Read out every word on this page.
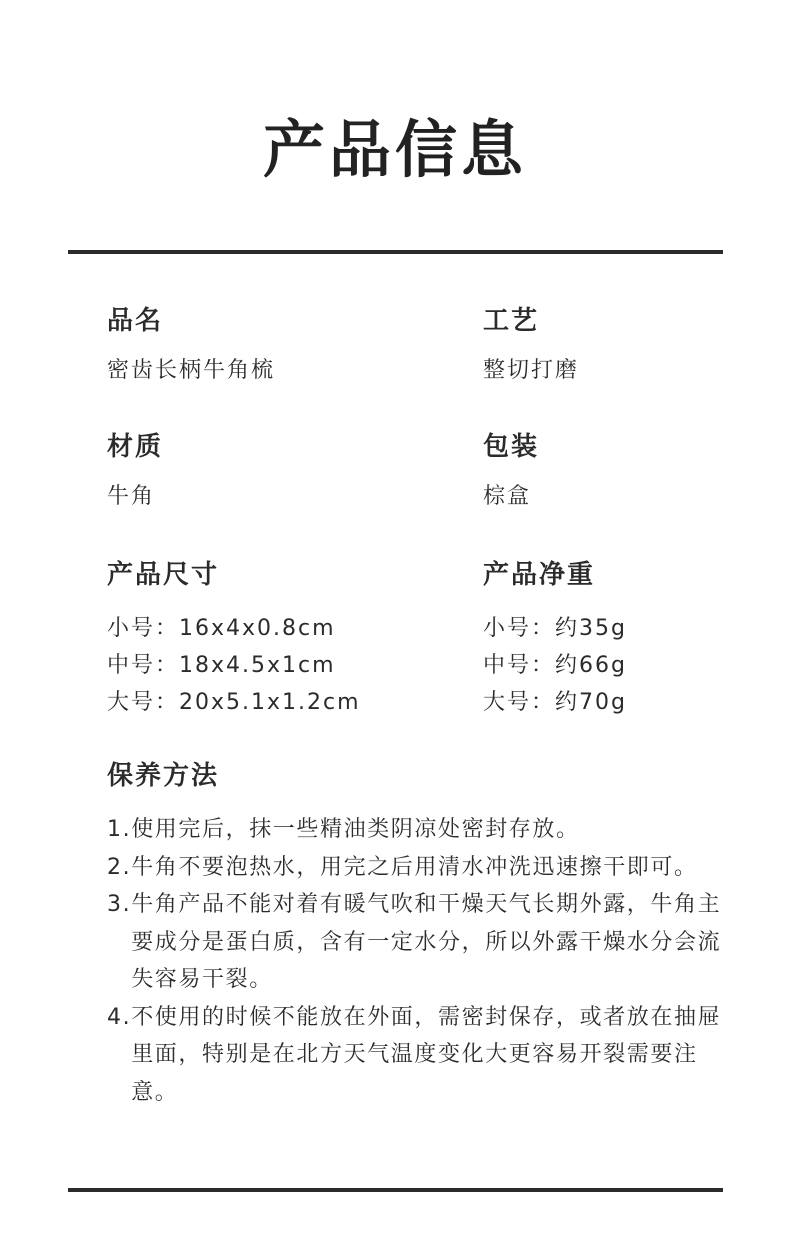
产品信息
品名
密齿长柄牛角梳
工艺
整切打磨
材质
牛角
包装
棕盒
产品尺寸
小号：16x4x0.8cm
中号：18x4.5x1cm
大号：20x5.1x1.2cm
产品净重
小号：约35g
中号：约66g
大号：约70g
保养方法
1. 使用完后，抹一些精油类阴凉处密封存放。
2. 牛角不要泡热水，用完之后用清水冲洗迅速擦干即可。
3. 牛角产品不能对着有暖气吹和干燥天气长期外露，牛角主要成分是蛋白质，含有一定水分，所以外露干燥水分会流失容易干裂。
4. 不使用的时候不能放在外面，需密封保存，或者放在抽屉里面，特别是在北方天气温度变化大更容易开裂需要注意。
